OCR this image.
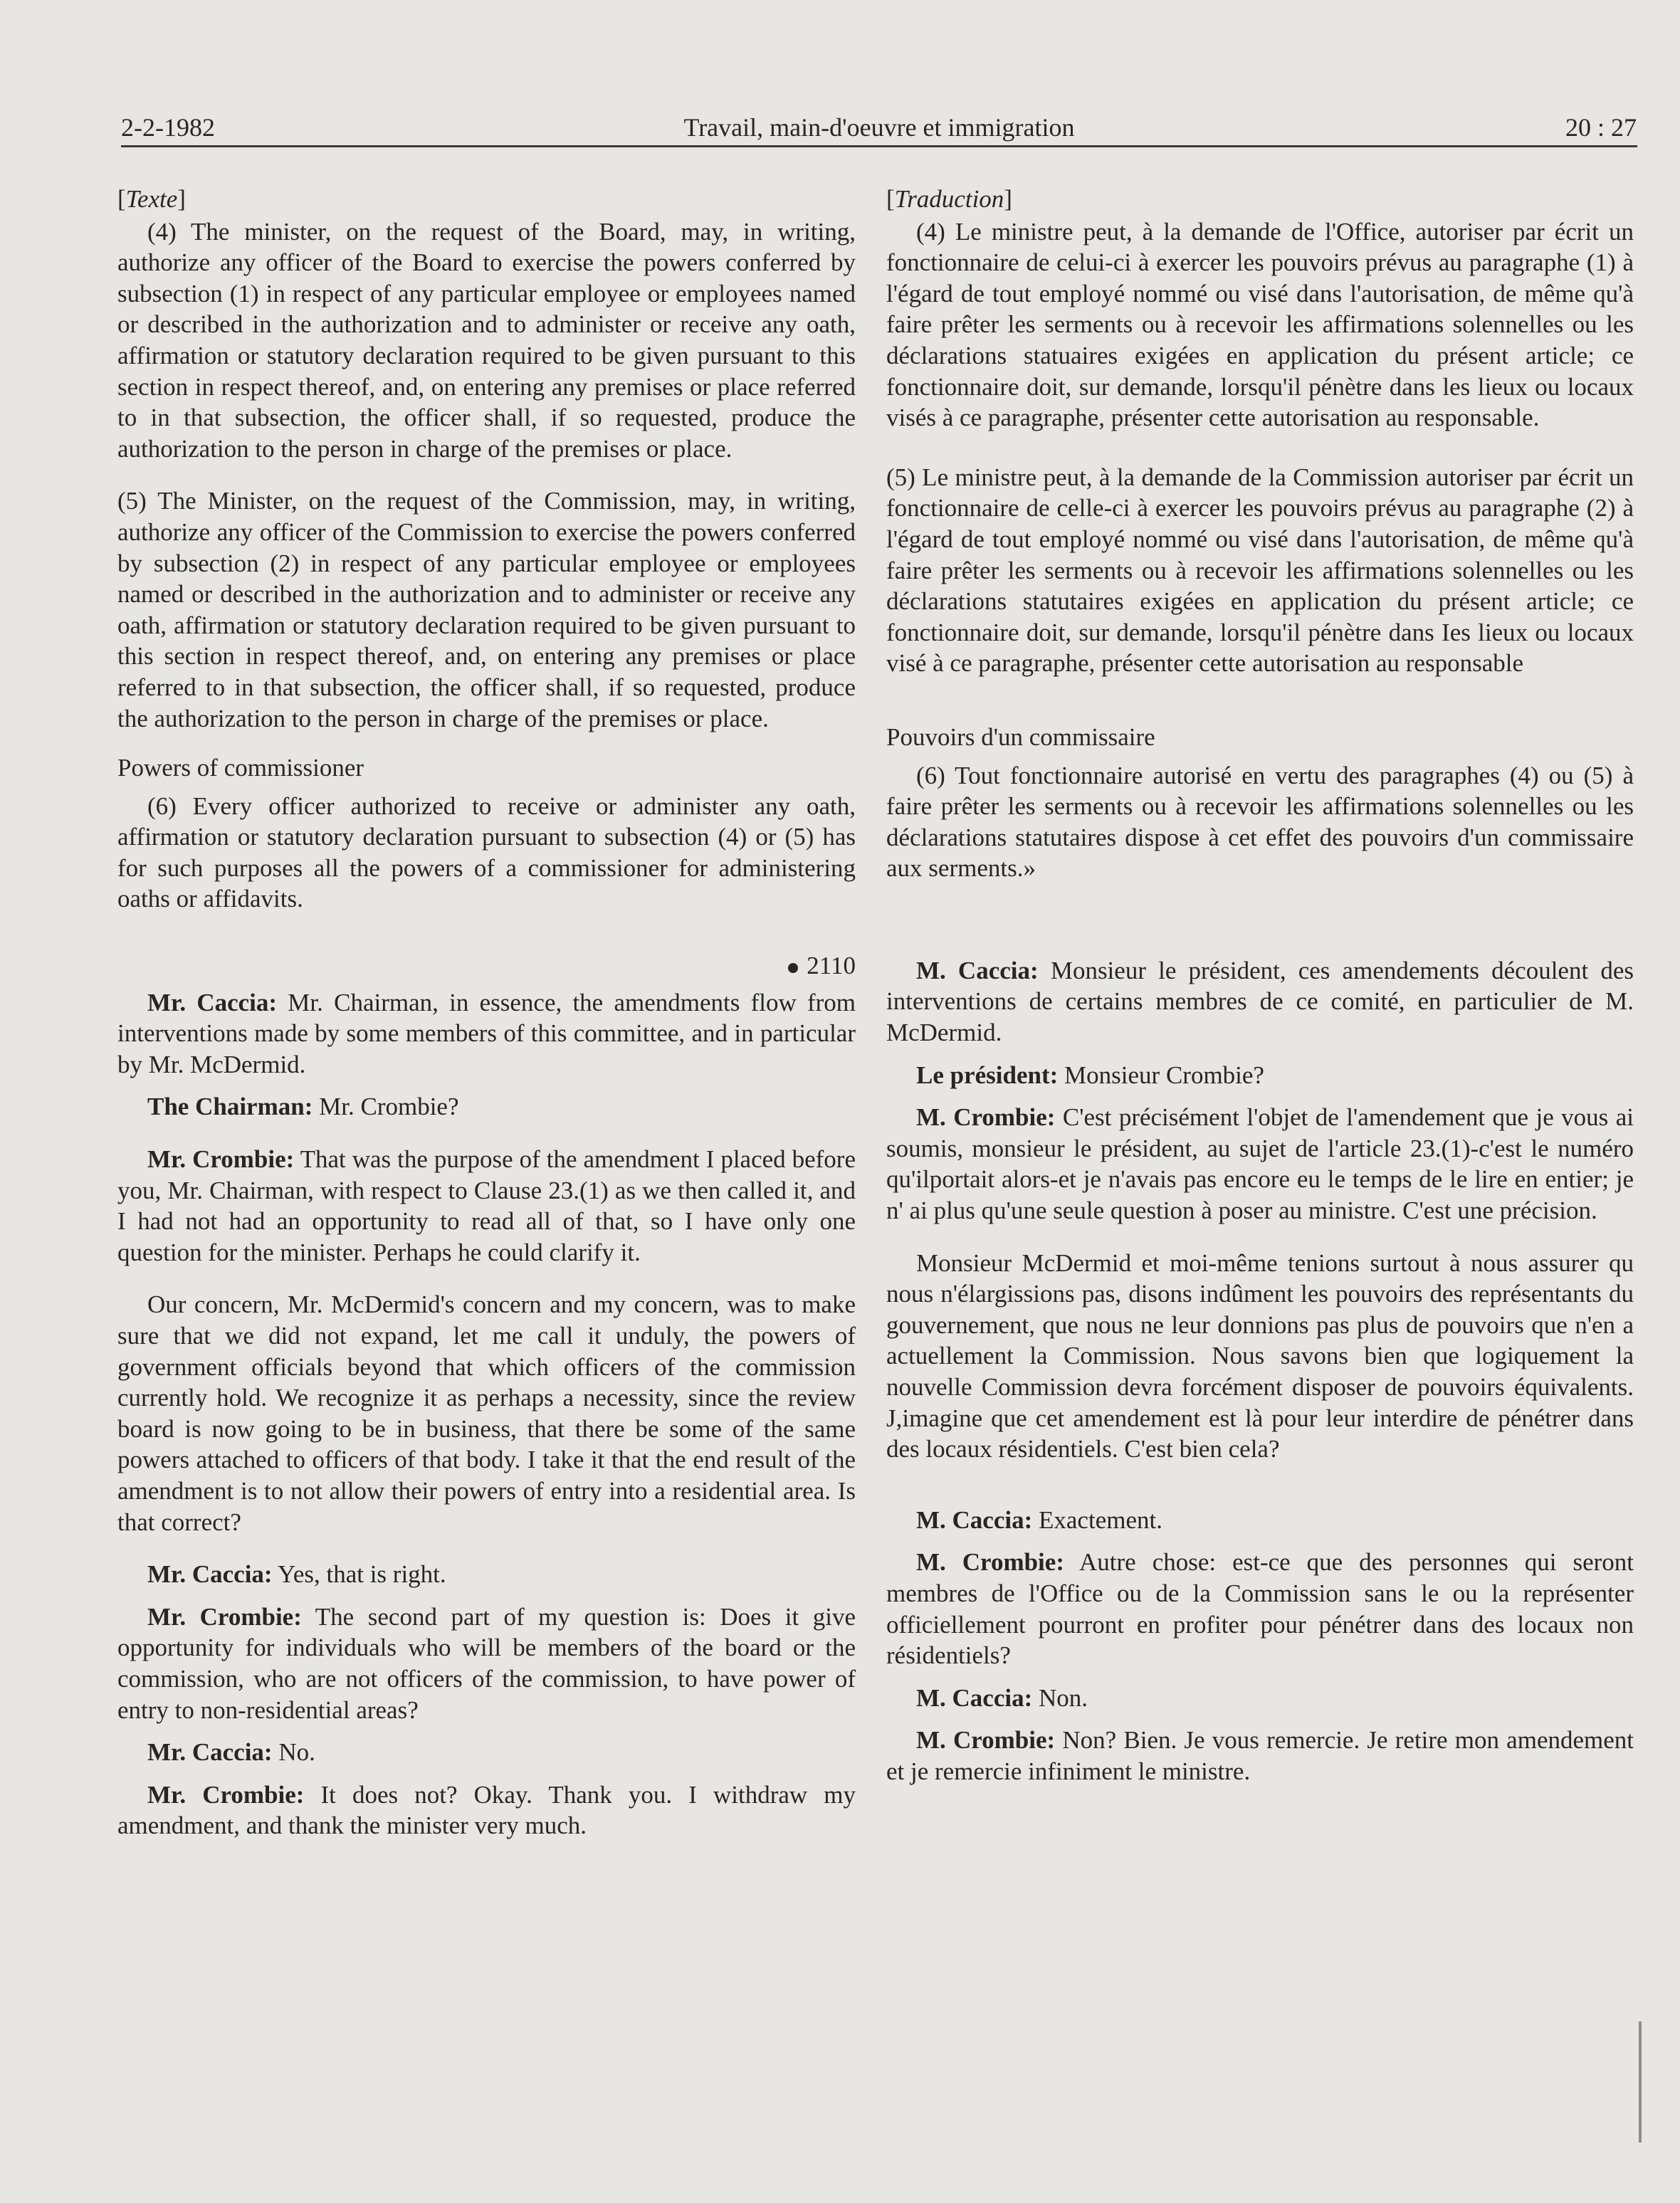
2-2-1982	Travail, main-d'oeuvre et immigration	20 : 27

[Texte]

(4) The minister, on the request of the Board, may, in writing, authorize any officer of the Board to exercise the powers conferred by subsection (1) in respect of any particular employee or employees named or described in the authorization and to administer or receive any oath, affirmation or statutory declaration required to be given pursuant to this section in respect thereof, and, on entering any premises or place referred to in that subsection, the officer shall, if so requested, produce the authorization to the person in charge of the premises or place.

(5) The Minister, on the request of the Commission, may, in writing, authorize any officer of the Commission to exercise the powers conferred by subsection (2) in respect of any particular employee or employees named or described in the authorization and to administer or receive any oath, affirmation or statutory declaration required to be given pursuant to this section in respect thereof, and, on entering any premises or place referred to in that subsection, the officer shall, if so requested, produce the authorization to the person in charge of the premises or place.

Powers of commissioner

(6) Every officer authorized to receive or administer any oath, affirmation or statutory declaration pursuant to subsection (4) or (5) has for such purposes all the powers of a commissioner for administering oaths or affidavits.

2110

Mr. Caccia: Mr. Chairman, in essence, the amendments flow from interventions made by some members of this committee, and in particular by Mr. McDermid.

The Chairman: Mr. Crombie?

Mr. Crombie: That was the purpose of the amendment I placed before you, Mr. Chairman, with respect to Clause 23.(1) as we then called it, and I had not had an opportunity to read all of that, so I have only one question for the minister. Perhaps he could clarify it.

Our concern, Mr. McDermid's concern and my concern, was to make sure that we did not expand, let me call it unduly, the powers of government officials beyond that which officers of the commission currently hold. We recognize it as perhaps a necessity, since the review board is now going to be in business, that there be some of the same powers attached to officers of that body. I take it that the end result of the amendment is to not allow their powers of entry into a residential area. Is that correct?

Mr. Caccia: Yes, that is right.

Mr. Crombie: The second part of my question is: Does it give opportunity for individuals who will be members of the board or the commission, who are not officers of the commission, to have power of entry to non-residential areas?

Mr. Caccia: No.

Mr. Crombie: It does not? Okay. Thank you. I withdraw my amendment, and thank the minister very much.

[Traduction]

(4) Le ministre peut, à la demande de l'Office, autoriser par écrit un fonctionnaire de celui-ci à exercer les pouvoirs prévus au paragraphe (1) à l'égard de tout employé nommé ou visé dans l'autorisation, de même qu'à faire prêter les serments ou à recevoir les affirmations solennelles ou les déclarations statuaires exigées en application du présent article; ce fonctionnaire doit, sur demande, lorsqu'il pénètre dans les lieux ou locaux visés à ce paragraphe, présenter cette autorisation au responsable.

(5) Le ministre peut, à la demande de la Commission autoriser par écrit un fonctionnaire de celle-ci à exercer les pouvoirs prévus au paragraphe (2) à l'égard de tout employé nommé ou visé dans l'autorisation, de même qu'à faire prêter les serments ou à recevoir les affirmations solennelles ou les déclarations statutaires exigées en application du présent article; ce fonctionnaire doit, sur demande, lorsqu'il pénètre dans Ies lieux ou locaux visé à ce paragraphe, présenter cette autorisation au responsable

Pouvoirs d'un commissaire

(6) Tout fonctionnaire autorisé en vertu des paragraphes (4) ou (5) à faire prêter les serments ou à recevoir les affirmations solennelles ou les déclarations statutaires dispose à cet effet des pouvoirs d'un commissaire aux serments.»

M. Caccia: Monsieur le président, ces amendements découlent des interventions de certains membres de ce comité, en particulier de M. McDermid.

Le président: Monsieur Crombie?

M. Crombie: C'est précisément l'objet de l'amendement que je vous ai soumis, monsieur le président, au sujet de l'article 23.(1)-c'est le numéro qu'ilportait alors-et je n'avais pas encore eu le temps de le lire en entier; je n' ai plus qu'une seule question à poser au ministre. C'est une précision.

Monsieur McDermid et moi-même tenions surtout à nous assurer qu nous n'élargissions pas, disons indûment les pouvoirs des représentants du gouvernement, que nous ne leur donnions pas plus de pouvoirs que n'en a actuellement la Commission. Nous savons bien que logiquement la nouvelle Commission devra forcément disposer de pouvoirs équivalents. J,imagine que cet amendement est là pour leur interdire de pénétrer dans des locaux résidentiels. C'est bien cela?

M. Caccia: Exactement.

M. Crombie: Autre chose: est-ce que des personnes qui seront membres de l'Office ou de la Commission sans le ou la représenter officiellement pourront en profiter pour pénétrer dans des locaux non résidentiels?

M. Caccia: Non.

M. Crombie: Non? Bien. Je vous remercie. Je retire mon amendement et je remercie infiniment le ministre.
